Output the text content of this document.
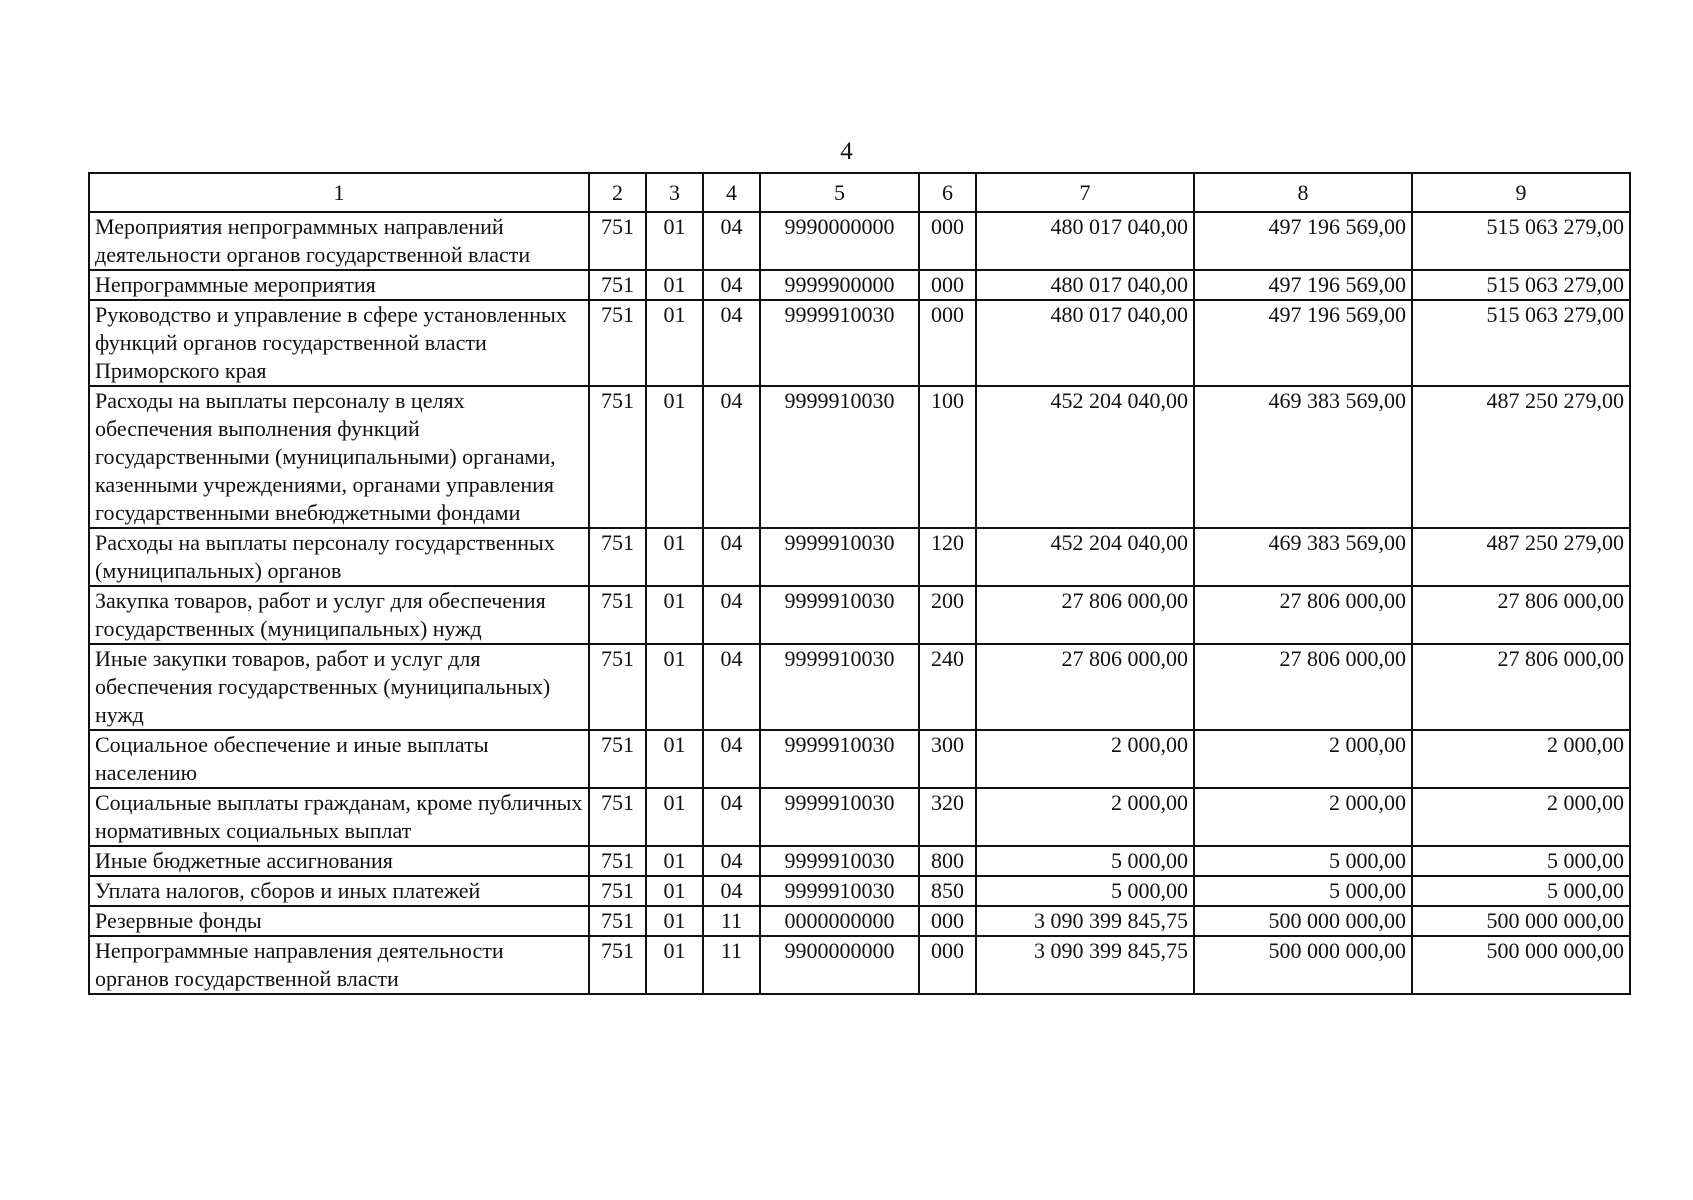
4
1	2	3	4	5	6	7	8	9
Мероприятия непрограммных направлений деятельности органов государственной власти	751	01	04	9990000000	000	480 017 040,00	497 196 569,00	515 063 279,00
Непрограммные мероприятия	751	01	04	9999900000	000	480 017 040,00	497 196 569,00	515 063 279,00
Руководство и управление в сфере установленных функций органов государственной власти Приморского края	751	01	04	9999910030	000	480 017 040,00	497 196 569,00	515 063 279,00
Расходы на выплаты персоналу в целях обеспечения выполнения функций государственными (муниципальными) органами, казенными учреждениями, органами управления государственными внебюджетными фондами	751	01	04	9999910030	100	452 204 040,00	469 383 569,00	487 250 279,00
Расходы на выплаты персоналу государственных (муниципальных) органов	751	01	04	9999910030	120	452 204 040,00	469 383 569,00	487 250 279,00
Закупка товаров, работ и услуг для обеспечения государственных (муниципальных) нужд	751	01	04	9999910030	200	27 806 000,00	27 806 000,00	27 806 000,00
Иные закупки товаров, работ и услуг для обеспечения государственных (муниципальных) нужд	751	01	04	9999910030	240	27 806 000,00	27 806 000,00	27 806 000,00
Социальное обеспечение и иные выплаты населению	751	01	04	9999910030	300	2 000,00	2 000,00	2 000,00
Социальные выплаты гражданам, кроме публичных нормативных социальных выплат	751	01	04	9999910030	320	2 000,00	2 000,00	2 000,00
Иные бюджетные ассигнования	751	01	04	9999910030	800	5 000,00	5 000,00	5 000,00
Уплата налогов, сборов и иных платежей	751	01	04	9999910030	850	5 000,00	5 000,00	5 000,00
Резервные фонды	751	01	11	0000000000	000	3 090 399 845,75	500 000 000,00	500 000 000,00
Непрограммные направления деятельности органов государственной власти	751	01	11	9900000000	000	3 090 399 845,75	500 000 000,00	500 000 000,00
